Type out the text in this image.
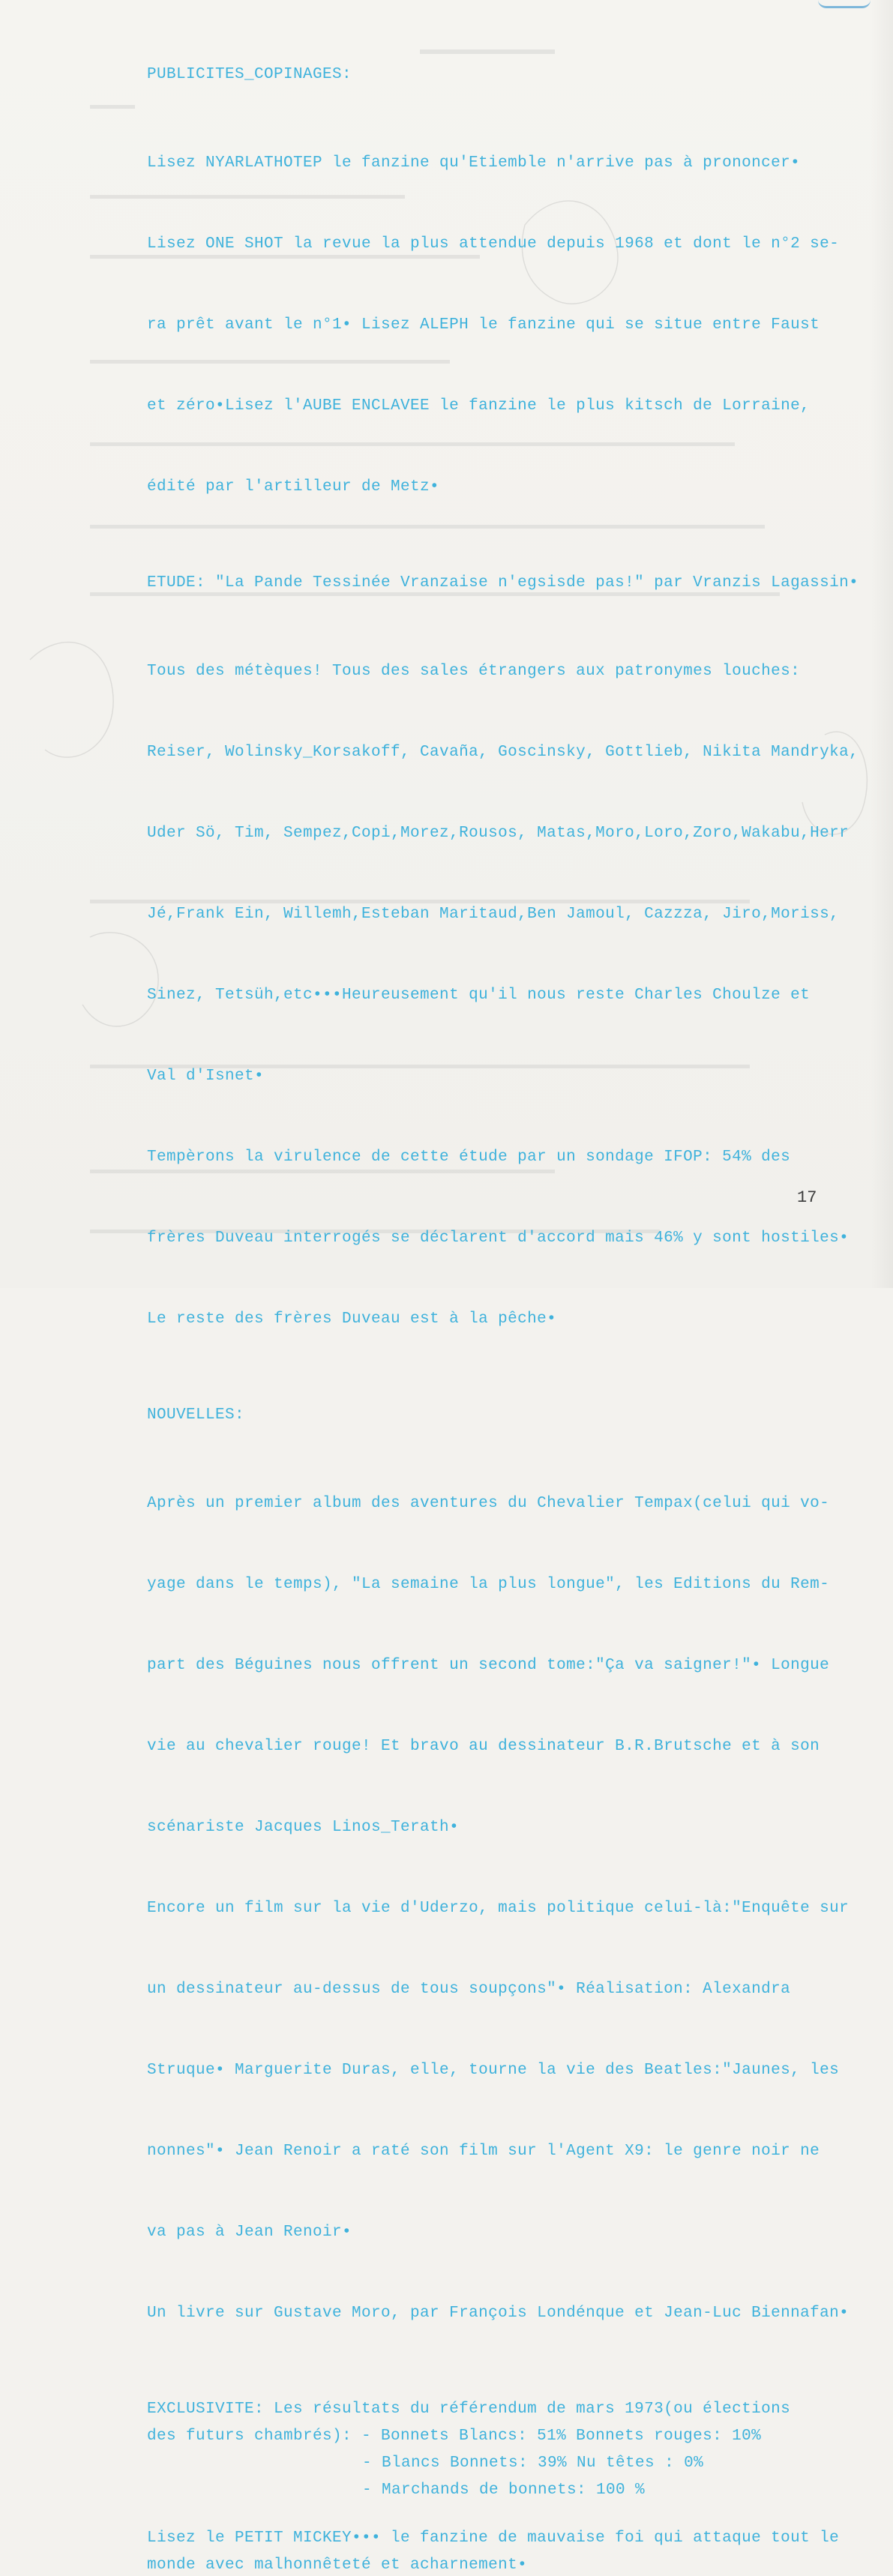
PUBLICITES_COPINAGES:

Lisez NYARLATHOTEP le fanzine qu'Etiemble n'arrive pas à prononcer•

Lisez ONE SHOT la revue la plus attendue depuis 1968 et dont le n°2 se-

ra prêt avant le n°1• Lisez ALEPH le fanzine qui se situe entre Faust

et zéro•Lisez l'AUBE ENCLAVEE le fanzine le plus kitsch de Lorraine,

édité par l'artilleur de Metz•

ETUDE: "La Pande Tessinée Vranzaise n'egsisde pas!" par Vranzis Lagassin•

Tous des métèques! Tous des sales étrangers aux patronymes louches:

Reiser, Wolinsky_Korsakoff, Cavaña, Goscinsky, Gottlieb, Nikita Mandryka,

Uder Sö, Tim, Sempez,Copi,Morez,Rousos, Matas,Moro,Loro,Zoro,Wakabu,Herr

Jé,Frank Ein, Willemh,Esteban Maritaud,Ben Jamoul, Cazzza, Jiro,Moriss,

Sinez, Tetsüh,etc•••Heureusement qu'il nous reste Charles Choulze et

Val d'Isnet•

Tempèrons la virulence de cette étude par un sondage IFOP: 54% des

frères Duveau interrogés se déclarent d'accord mais 46% y sont hostiles•

Le reste des frères Duveau est à la pêche•

NOUVELLES:

Après un premier album des aventures du Chevalier Tempax(celui qui vo-

yage dans le temps), "La semaine la plus longue", les Editions du Rem-

part des Béguines nous offrent un second tome:"Ça va saigner!"• Longue

vie au chevalier rouge! Et bravo au dessinateur B.R.Brutsche et à son

scénariste Jacques Linos_Terath•

Encore un film sur la vie d'Uderzo, mais politique celui-là:"Enquête sur

un dessinateur au-dessus de tous soupçons"• Réalisation: Alexandra

Struque• Marguerite Duras, elle, tourne la vie des Beatles:"Jaunes, les

nonnes"• Jean Renoir a raté son film sur l'Agent X9: le genre noir ne

va pas à Jean Renoir•

Un livre sur Gustave Moro, par François Londénque et Jean-Luc Biennafan•

EXCLUSIVITE: Les résultats du référendum de mars 1973(ou élections
des futurs chambrés): - Bonnets Blancs: 51% Bonnets rouges: 10%
- Blancs Bonnets: 39% Nu têtes : 0%
- Marchands de bonnets: 100 %
Lisez le PETIT MICKEY••• le fanzine de mauvaise foi qui attaque tout le
monde avec malhonnêteté et acharnement•
17
